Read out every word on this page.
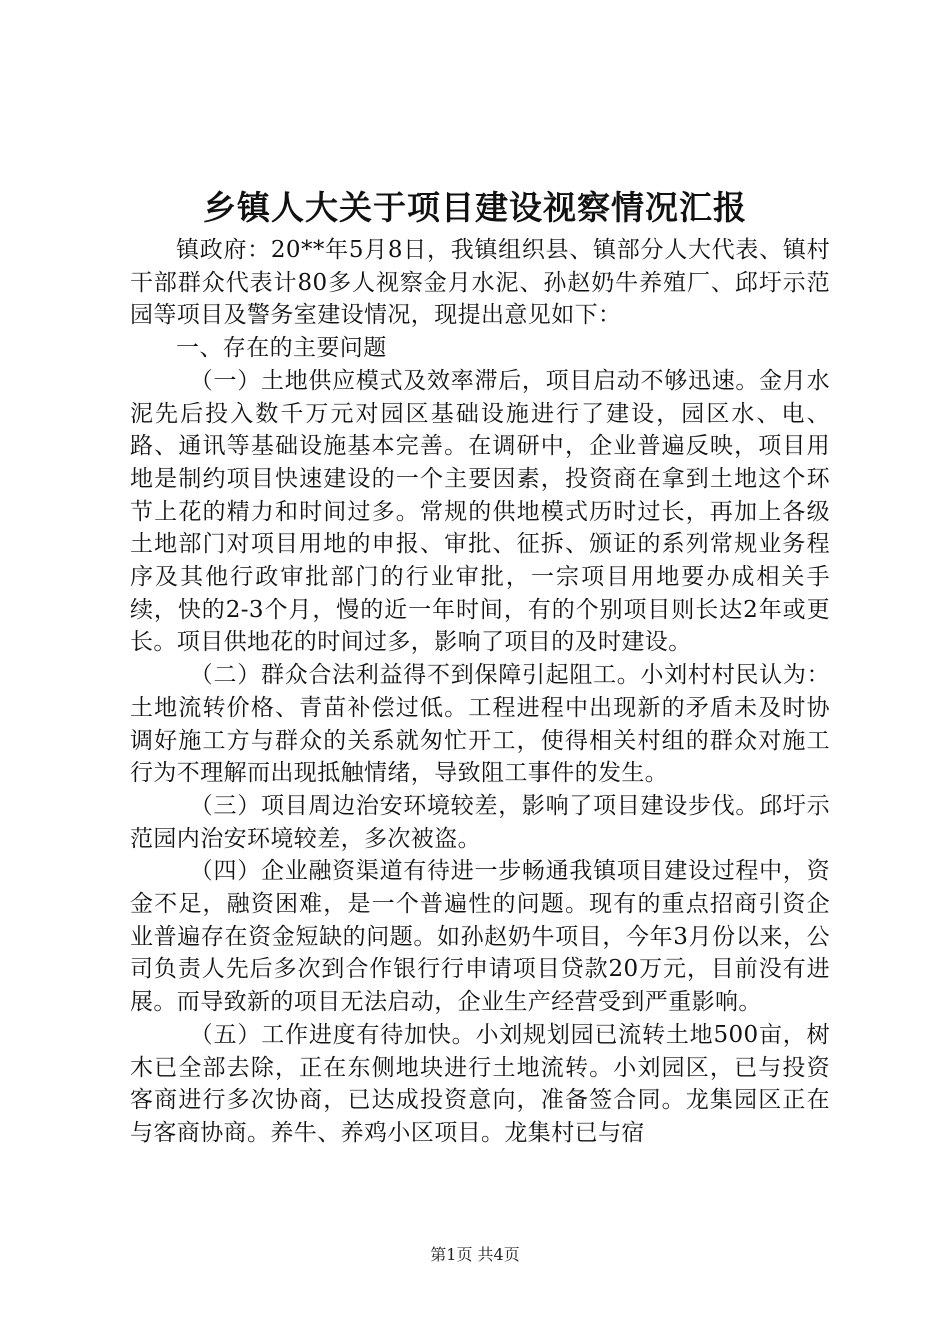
乡镇人大关于项目建设视察情况汇报

镇政府：20**年5月8日，我镇组织县、镇部分人大代表、镇村干部群众代表计80多人视察金月水泥、孙赵奶牛养殖厂、邱圩示范园等项目及警务室建设情况，现提出意见如下：

一、存在的主要问题

（一）土地供应模式及效率滞后，项目启动不够迅速。金月水泥先后投入数千万元对园区基础设施进行了建设，园区水、电、路、通讯等基础设施基本完善。在调研中，企业普遍反映，项目用地是制约项目快速建设的一个主要因素，投资商在拿到土地这个环节上花的精力和时间过多。常规的供地模式历时过长，再加上各级土地部门对项目用地的申报、审批、征拆、颁证的系列常规业务程序及其他行政审批部门的行业审批，一宗项目用地要办成相关手续，快的2-3个月，慢的近一年时间，有的个别项目则长达2年或更长。项目供地花的时间过多，影响了项目的及时建设。

（二）群众合法利益得不到保障引起阻工。小刘村村民认为：土地流转价格、青苗补偿过低。工程进程中出现新的矛盾未及时协调好施工方与群众的关系就匆忙开工，使得相关村组的群众对施工行为不理解而出现抵触情绪，导致阻工事件的发生。

（三）项目周边治安环境较差，影响了项目建设步伐。邱圩示范园内治安环境较差，多次被盗。

（四）企业融资渠道有待进一步畅通我镇项目建设过程中，资金不足，融资困难，是一个普遍性的问题。现有的重点招商引资企业普遍存在资金短缺的问题。如孙赵奶牛项目，今年3月份以来，公司负责人先后多次到合作银行行申请项目贷款20万元，目前没有进展。而导致新的项目无法启动，企业生产经营受到严重影响。

（五）工作进度有待加快。小刘规划园已流转土地500亩，树木已全部去除，正在东侧地块进行土地流转。小刘园区，已与投资客商进行多次协商，已达成投资意向，准备签合同。龙集园区正在与客商协商。养牛、养鸡小区项目。龙集村已与宿

第1页 共4页
